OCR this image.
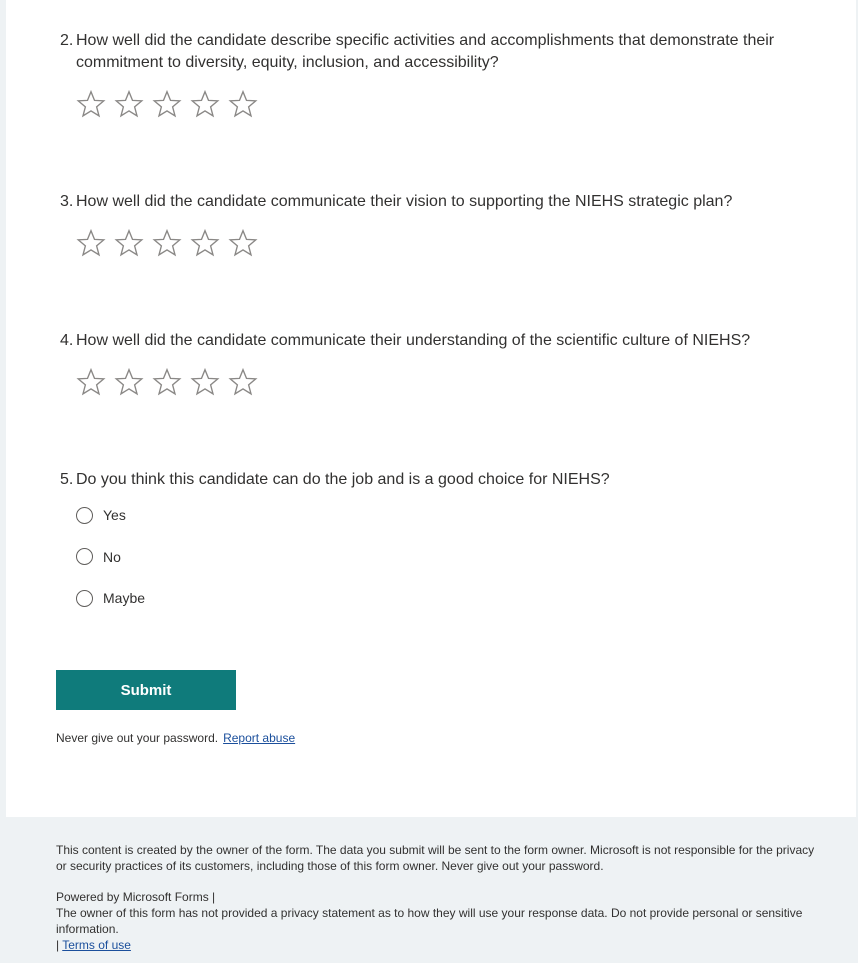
2. How well did the candidate describe specific activities and accomplishments that demonstrate their commitment to diversity, equity, inclusion, and accessibility?
3. How well did the candidate communicate their vision to supporting the NIEHS strategic plan?
4. How well did the candidate communicate their understanding of the scientific culture of NIEHS?
5. Do you think this candidate can do the job and is a good choice for NIEHS?
Yes
No
Maybe
Submit
Never give out your password. Report abuse

This content is created by the owner of the form. The data you submit will be sent to the form owner. Microsoft is not responsible for the privacy or security practices of its customers, including those of this form owner. Never give out your password.

Powered by Microsoft Forms |

The owner of this form has not provided a privacy statement as to how they will use your response data. Do not provide personal or sensitive information.

| Terms of use
